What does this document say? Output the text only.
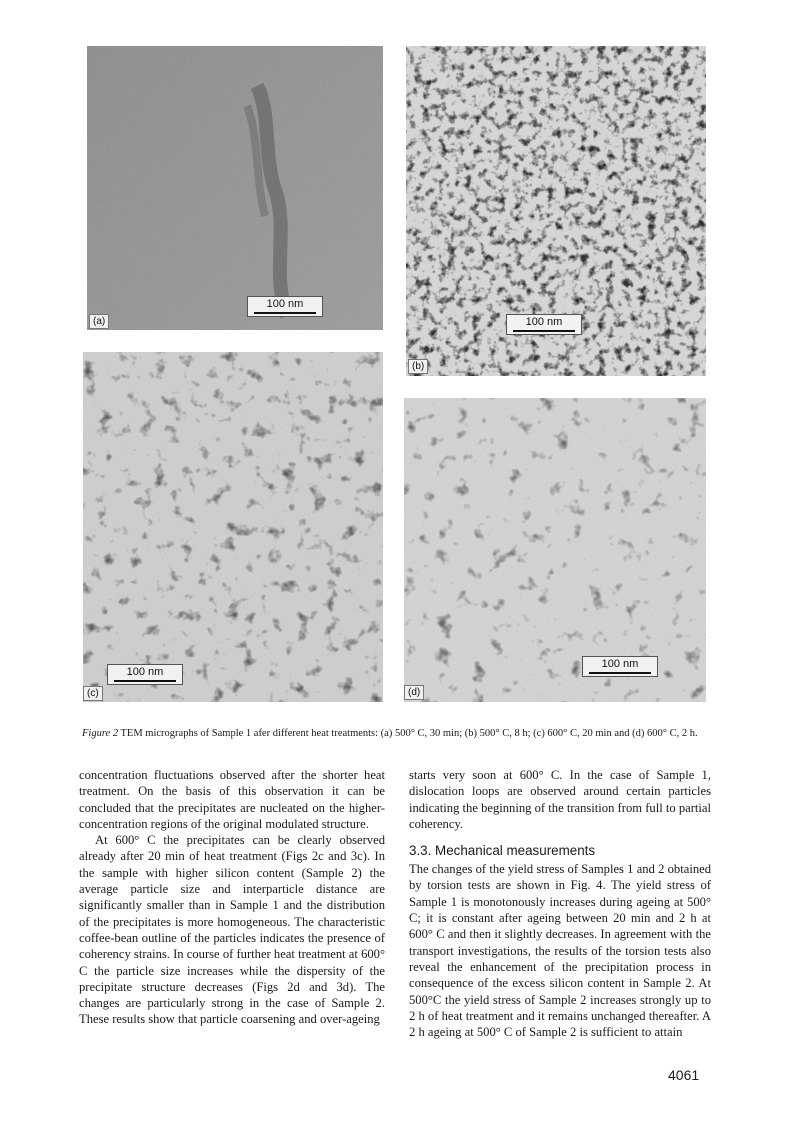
100 nm
(a)	100 nm
(b)
100 nm
(c)
100 nm
(d)
Figure 2 TEM micrographs of Sample 1 afer different heat treatments: (a) 500° C, 30 min; (b) 500° C, 8 h; (c) 600° C, 20 min and (d) 600° C, 2 h.

concentration fluctuations observed after the shorter heat treatment. On the basis of this observation it can be concluded that the precipitates are nucleated on the higher-concentration regions of the original modulated structure.

At 600° C the precipitates can be clearly observed already after 20 min of heat treatment (Figs 2c and 3c). In the sample with higher silicon content (Sample 2) the average particle size and interparticle distance are significantly smaller than in Sample 1 and the distribution of the precipitates is more homogeneous. The characteristic coffee-bean outline of the particles indicates the presence of coherency strains. In course of further heat treatment at 600° C the particle size increases while the dispersity of the precipitate structure decreases (Figs 2d and 3d). The changes are particularly strong in the case of Sample 2. These results show that particle coarsening and over-ageing

starts very soon at 600° C. In the case of Sample 1, dislocation loops are observed around certain particles indicating the beginning of the transition from full to partial coherency.

3.3. Mechanical measurements

The changes of the yield stress of Samples 1 and 2 obtained by torsion tests are shown in Fig. 4. The yield stress of Sample 1 is monotonously increases during ageing at 500° C; it is constant after ageing between 20 min and 2 h at 600° C and then it slightly decreases. In agreement with the transport investigations, the results of the torsion tests also reveal the enhancement of the precipitation process in consequence of the excess silicon content in Sample 2. At 500°C the yield stress of Sample 2 increases strongly up to 2 h of heat treatment and it remains unchanged thereafter. A 2 h ageing at 500° C of Sample 2 is sufficient to attain

4061
